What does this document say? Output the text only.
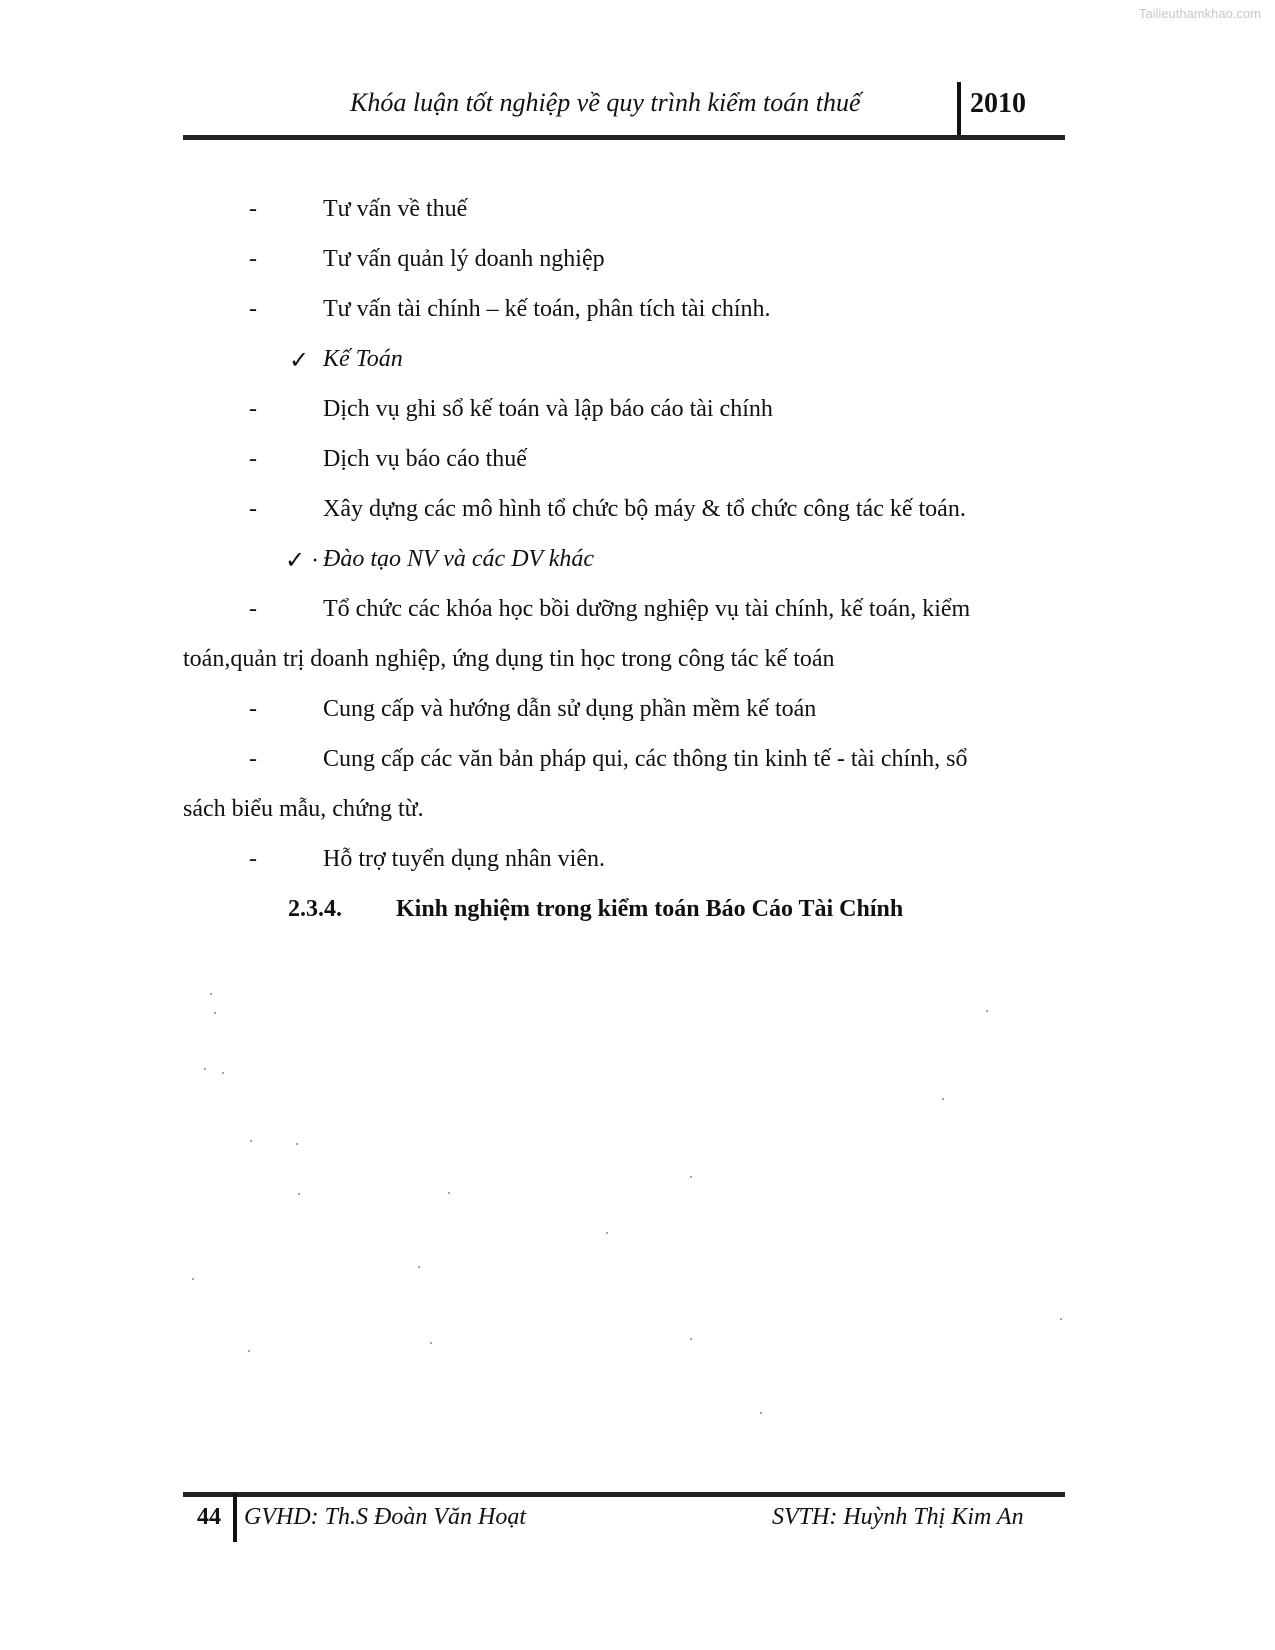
Tailieuthamkhao.com
Khóa luận tốt nghiệp về quy trình kiểm toán thuế	2010
-	Tư vấn về thuế
-	Tư vấn quản lý doanh nghiệp
-	Tư vấn tài chính – kế toán, phân tích tài chính.
✓ Kế Toán
-	Dịch vụ ghi sổ kế toán và lập báo cáo tài chính
-	Dịch vụ báo cáo thuế
-	Xây dựng các mô hình tổ chức bộ máy & tổ chức công tác kế toán.
✓ · Đào tạo NV và các DV khác
-	Tổ chức các khóa học bồi dưỡng nghiệp vụ tài chính, kế toán, kiểm
toán,quản trị doanh nghiệp, ứng dụng tin học trong công tác kế toán
-	Cung cấp và hướng dẫn sử dụng phần mềm kế toán
-	Cung cấp các văn bản pháp qui, các thông tin kinh tế - tài chính, sổ
sách biểu mẫu, chứng từ.
-	Hỗ trợ tuyển dụng nhân viên.
2.3.4. Kinh nghiệm trong kiểm toán Báo Cáo Tài Chính
44 GVHD: Th.S Đoàn Văn Hoạt	SVTH: Huỳnh Thị Kim An
